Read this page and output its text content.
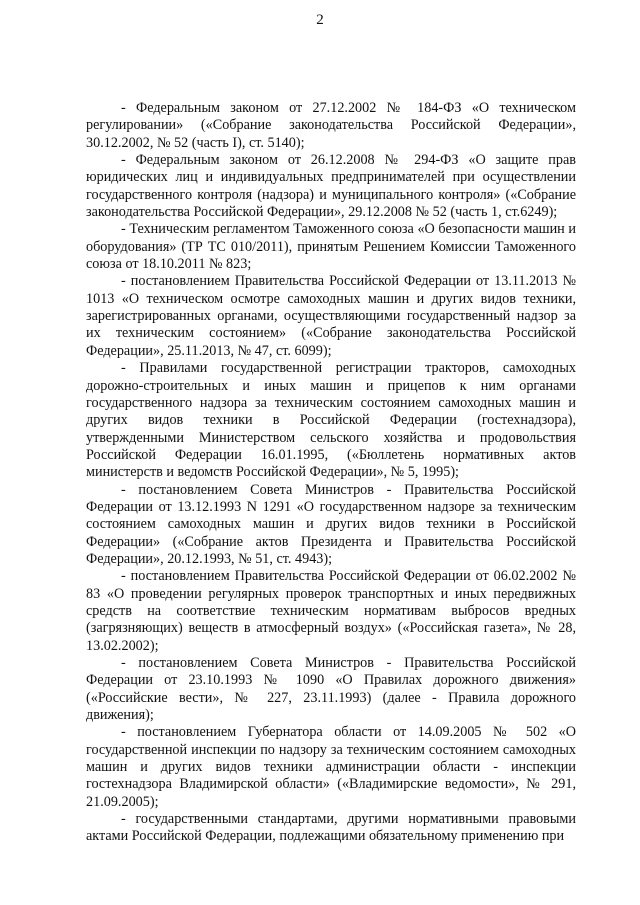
2

- Федеральным законом от 27.12.2002 № 184-ФЗ «О техническом регулировании» («Собрание законодательства Российской Федерации», 30.12.2002, № 52 (часть I), ст. 5140);

- Федеральным законом от 26.12.2008 № 294-ФЗ «О защите прав юридических лиц и индивидуальных предпринимателей при осуществлении государственного контроля (надзора) и муниципального контроля» («Собрание законодательства Российской Федерации», 29.12.2008 № 52 (часть 1, ст.6249);

- Техническим регламентом Таможенного союза «О безопасности машин и оборудования» (ТР ТС 010/2011), принятым Решением Комиссии Таможенного союза от 18.10.2011 № 823;

- постановлением Правительства Российской Федерации от 13.11.2013 № 1013 «О техническом осмотре самоходных машин и других видов техники, зарегистрированных органами, осуществляющими государственный надзор за их техническим состоянием» («Собрание законодательства Российской Федерации», 25.11.2013, № 47, ст. 6099);

- Правилами государственной регистрации тракторов, самоходных дорожно-строительных и иных машин и прицепов к ним органами государственного надзора за техническим состоянием самоходных машин и других видов техники в Российской Федерации (гостехнадзора), утвержденными Министерством сельского хозяйства и продовольствия Российской Федерации 16.01.1995, («Бюллетень нормативных актов министерств и ведомств Российской Федерации», № 5, 1995);

- постановлением Совета Министров - Правительства Российской Федерации от 13.12.1993 N 1291 «О государственном надзоре за техническим состоянием самоходных машин и других видов техники в Российской Федерации» («Собрание актов Президента и Правительства Российской Федерации», 20.12.1993, № 51, ст. 4943);

- постановлением Правительства Российской Федерации от 06.02.2002 № 83 «О проведении регулярных проверок транспортных и иных передвижных средств на соответствие техническим нормативам выбросов вредных (загрязняющих) веществ в атмосферный воздух» («Российская газета», № 28, 13.02.2002);

- постановлением Совета Министров - Правительства Российской Федерации от 23.10.1993 № 1090 «О Правилах дорожного движения» («Российские вести», № 227, 23.11.1993) (далее - Правила дорожного движения);

- постановлением Губернатора области от 14.09.2005 № 502 «О государственной инспекции по надзору за техническим состоянием самоходных машин и других видов техники администрации области - инспекции гостехнадзора Владимирской области» («Владимирские ведомости», № 291, 21.09.2005);

- государственными стандартами, другими нормативными правовыми актами Российской Федерации, подлежащими обязательному применению при
